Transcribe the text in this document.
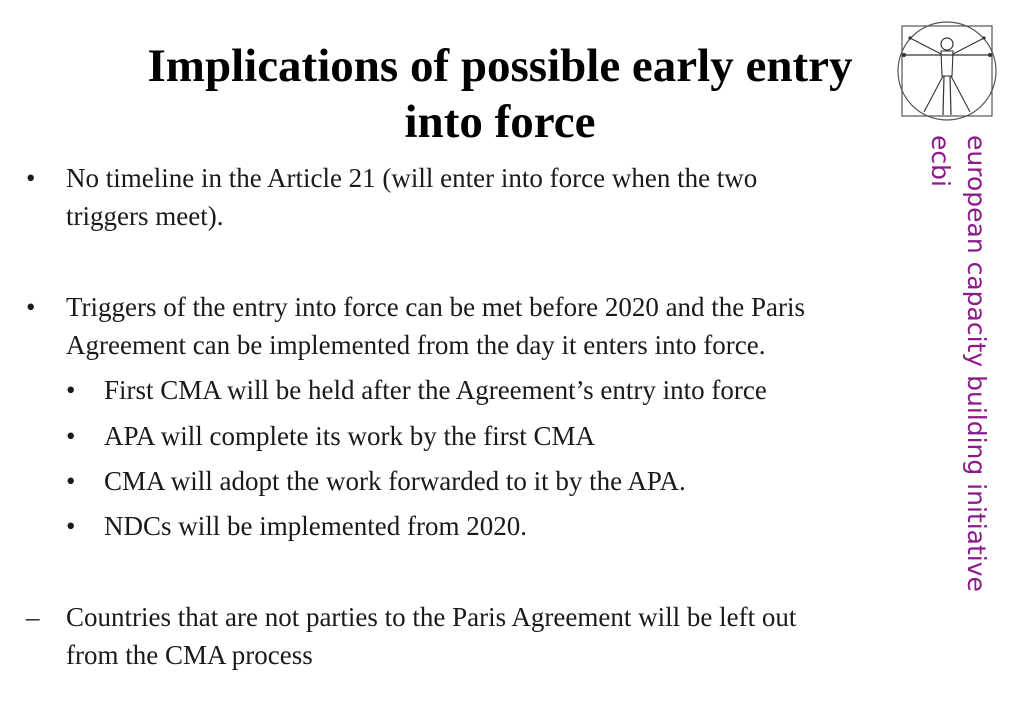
Implications of possible early entry
into force
•	No timeline in the Article 21 (will enter into force when the two
triggers meet).
•	Triggers of the entry into force can be met before 2020 and the Paris
Agreement can be implemented from the day it enters into force.
•	First CMA will be held after the Agreement’s entry into force
•	APA will complete its work by the first CMA
•	CMA will adopt the work forwarded to it by the APA.
•	NDCs will be implemented from 2020.
– Countries that are not parties to the Paris Agreement will be left out
from the CMA process
european capacity building initiative
ecbi
